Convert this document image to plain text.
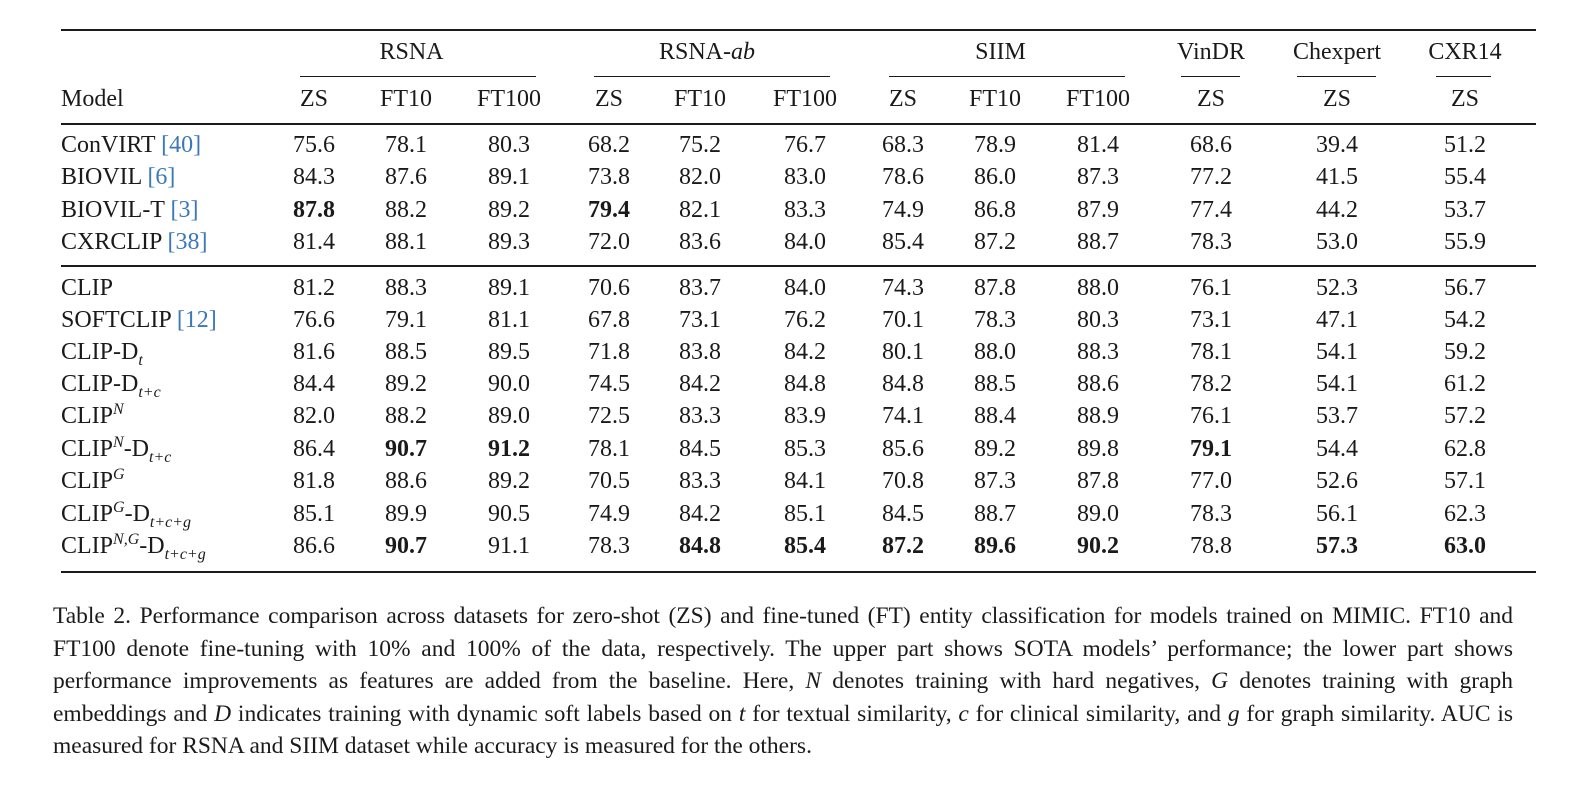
RSNA	RSNA-ab	SIIM	VinDR Chexpert CXR14
Model	ZS FT10 FT100 ZS FT10 FT100 ZS FT10 FT100	ZS	ZS	ZS
ConVIRT [40]	75.6 78.1	80.3 68.2 75.2	76.7 68.3 78.9	81.4	68.6	39.4	51.2
BIOVIL [6]	84.3 87.6	89.1 73.8 82.0	83.0 78.6 86.0	87.3	77.2	41.5	55.4
BIOVIL-T [3]	87.8 88.2	89.2 79.4 82.1	83.3 74.9 86.8	87.9	77.4	44.2	53.7
CXRCLIP [38]	81.4 88.1	89.3 72.0 83.6	84.0 85.4 87.2	88.7	78.3	53.0	55.9
CLIP	81.2 88.3	89.1 70.6 83.7	84.0 74.3 87.8	88.0	76.1	52.3	56.7
SOFTCLIP [12]	76.6 79.1	81.1 67.8 73.1	76.2 70.1 78.3	80.3	73.1	47.1	54.2
CLIP-$D_t$	81.6 88.5	89.5 71.8 83.8	84.2 80.1 88.0	88.3	78.1	54.1	59.2
CLIP-$D_{t+c}$	84.4 89.2	90.0 74.5 84.2	84.8 84.8 88.5	88.6	78.2	54.1	61.2
$CLIP^N$	82.0 88.2	89.0 72.5 83.3	83.9 74.1 88.4	88.9	76.1	53.7	57.2
$CLIP^N-D_{t+c}$	86.4 90.7	91.2 78.1 84.5	85.3 85.6 89.2	89.8	79.1	54.4	62.8
$CLIP^G$	81.8 88.6	89.2 70.5 83.3	84.1 70.8 87.3	87.8	77.0	52.6	57.1
$CLIP^G-D_{t+c+g}$	85.1 89.9	90.5 74.9 84.2	85.1 84.5 88.7	89.0	78.3	56.1	62.3
$CLIP^{N,G}-D_{t+c+g}$	86.6 90.7	91.1 78.3 84.8	85.4 87.2 89.6	90.2	78.8	57.3	63.0
Table 2. Performance comparison across datasets for zero-shot (ZS) and fine-tuned (FT) entity classification for models trained on MIMIC. FT10 and FT100 denote fine-tuning with 10% and 100% of the data, respectively. The upper part shows SOTA models’ performance; the lower part shows performance improvements as features are added from the baseline. Here, N denotes training with hard negatives, G denotes training with graph embeddings and D indicates training with dynamic soft labels based on t for textual similarity, c for clinical similarity, and g for graph similarity. AUC is measured for RSNA and SIIM dataset while accuracy is measured for the others.
